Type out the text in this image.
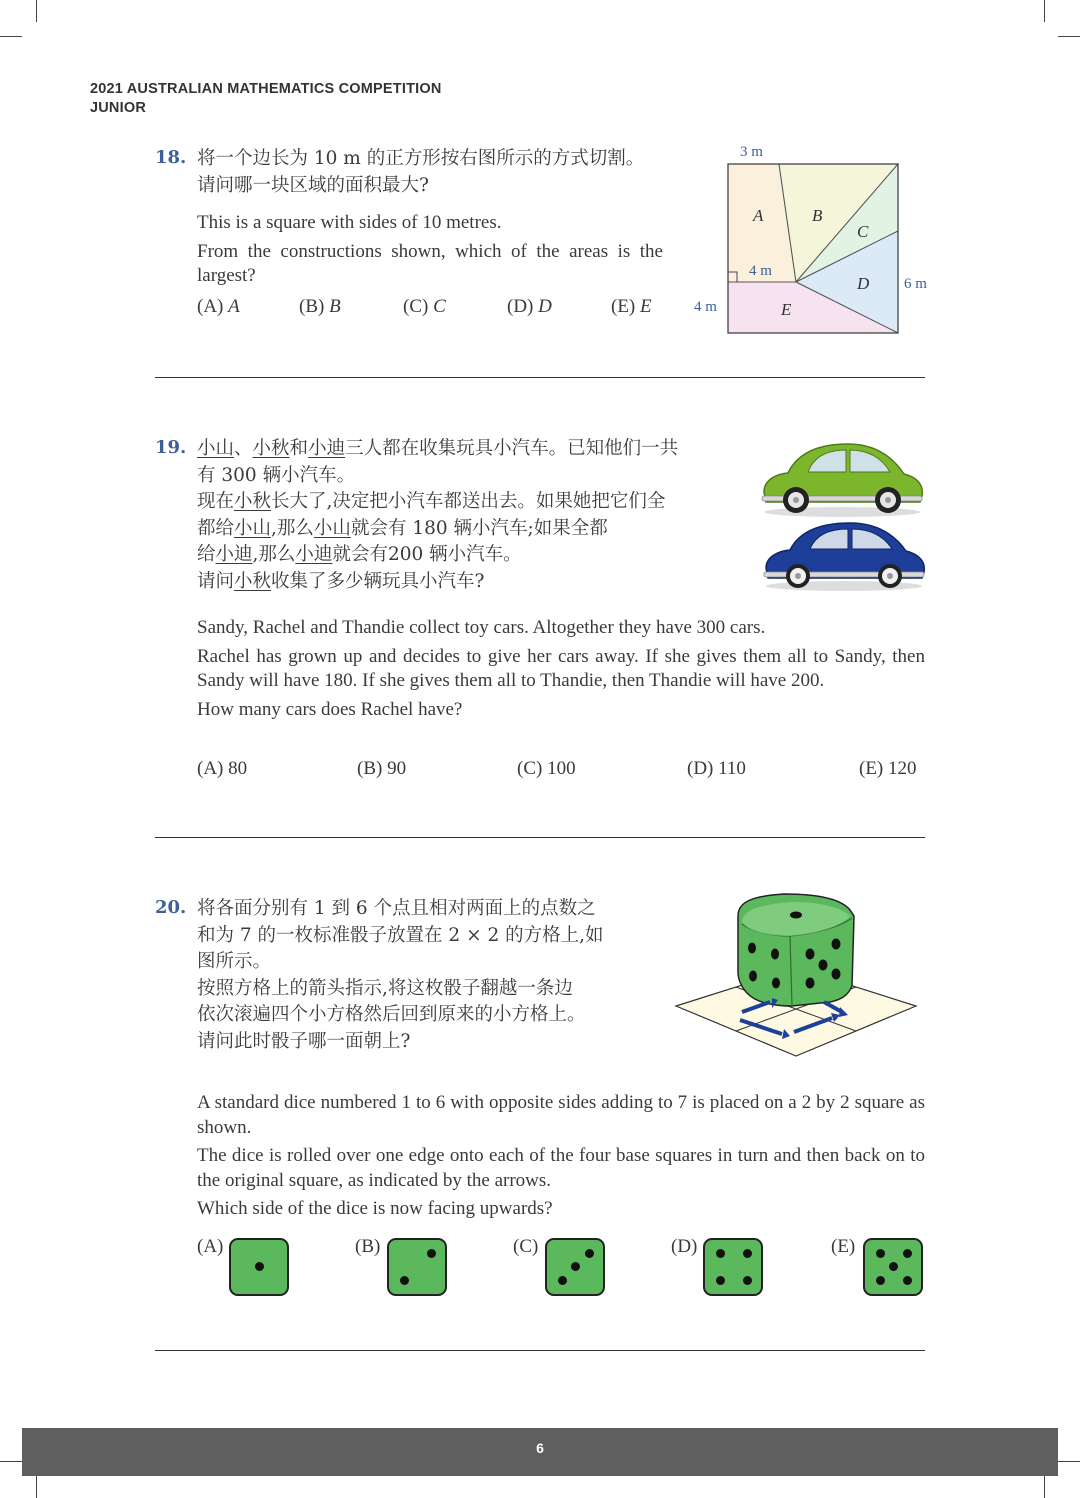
2021 AUSTRALIAN MATHEMATICS COMPETITION
JUNIOR
18. 将一个边长为 10 m 的正方形按右图所示的方式切割。
请问哪一块区域的面积最大?

This is a square with sides of 10 metres.

From the constructions shown, which of the areas is the largest?

(A) A	(B) B	(C) C	(D) D	(E) E
3 m
6 m
4 m
4 m
A	B
C
D
E
19. 小山、小秋和小迪三人都在收集玩具小汽车。已知他们一共
有 300 辆小汽车。
现在小秋长大了,决定把小汽车都送出去。如果她把它们全
都给小山,那么小山就会有 180 辆小汽车;如果全都
给小迪,那么小迪就会有200 辆小汽车。
请问小秋收集了多少辆玩具小汽车?

Sandy, Rachel and Thandie collect toy cars. Altogether they have 300 cars.

Rachel has grown up and decides to give her cars away. If she gives them all to Sandy, then Sandy will have 180. If she gives them all to Thandie, then Thandie will have 200.

How many cars does Rachel have?

(A) 80	(B) 90	(C) 100	(D) 110	(E) 120
20. 将各面分别有 1 到 6 个点且相对两面上的点数之
和为 7 的一枚标准骰子放置在 2 × 2 的方格上,如
图所示。
按照方格上的箭头指示,将这枚骰子翻越一条边
依次滚遍四个小方格然后回到原来的小方格上。
请问此时骰子哪一面朝上?

A standard dice numbered 1 to 6 with opposite sides adding to 7 is placed on a 2 by 2 square as shown.

The dice is rolled over one edge onto each of the four base squares in turn and then back on to the original square, as indicated by the arrows.

Which side of the dice is now facing upwards?

(A)	(B)	(C)	(D)	(E)
6
